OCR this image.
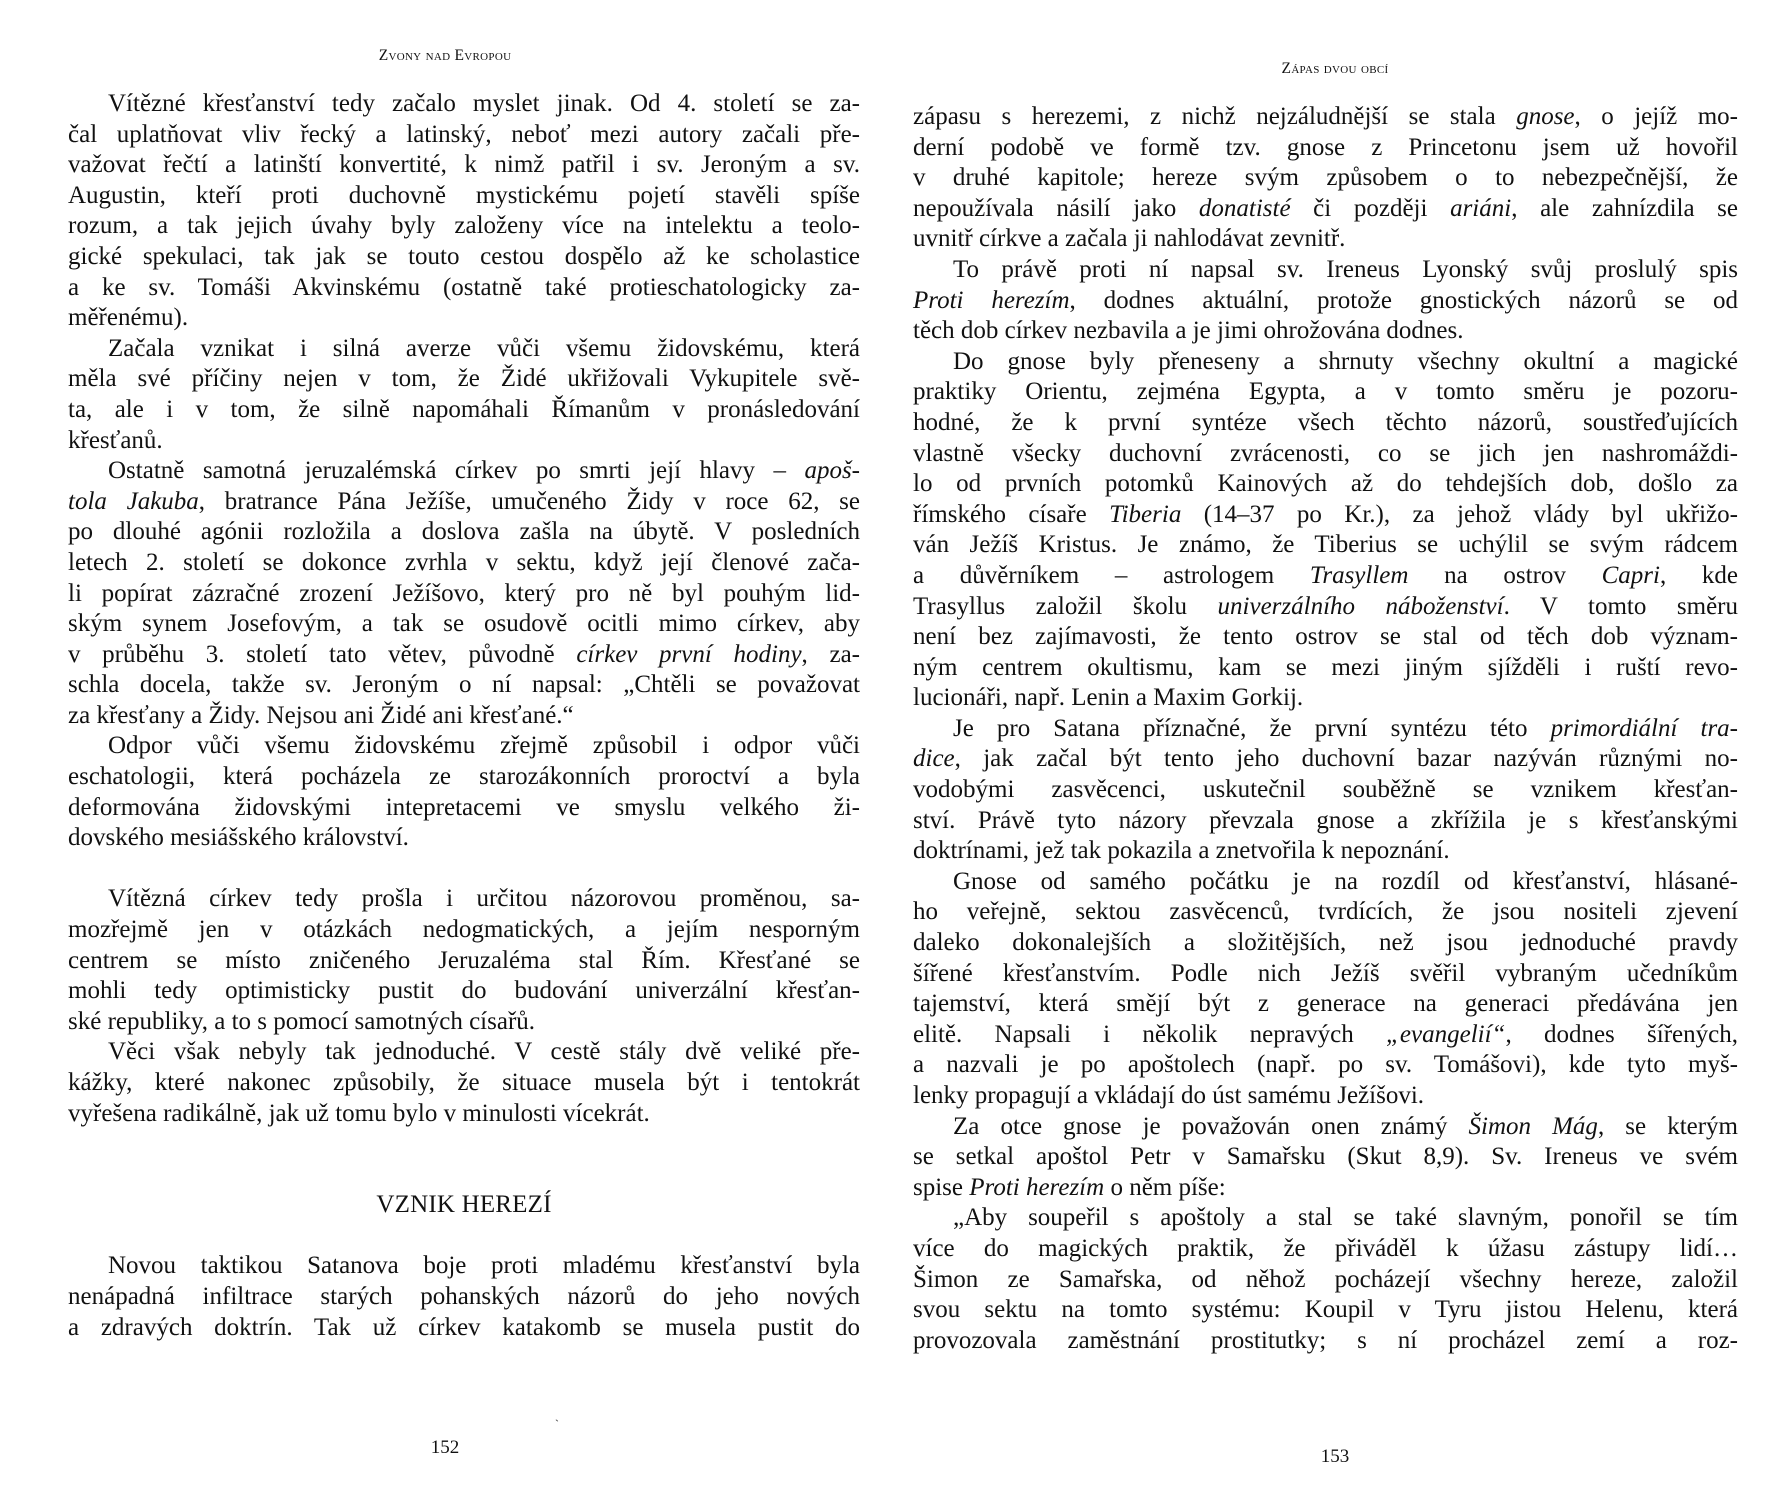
Zvony nad Evropou
Vítězné křesťanství tedy začalo myslet jinak. Od 4. století se za-
čal uplatňovat vliv řecký a latinský, neboť mezi autory začali pře-
važovat řečtí a latinští konvertité, k nimž patřil i sv. Jeroným a sv.
Augustin, kteří proti duchovně mystickému pojetí stavěli spíše
rozum, a tak jejich úvahy byly založeny více na intelektu a teolo-
gické spekulaci, tak jak se touto cestou dospělo až ke scholastice
a ke sv. Tomáši Akvinskému (ostatně také protieschatologicky za-
měřenému).
Začala vznikat i silná averze vůči všemu židovskému, která
měla své příčiny nejen v tom, že Židé ukřižovali Vykupitele svě-
ta, ale i v tom, že silně napomáhali Římanům v pronásledování
křesťanů.
Ostatně samotná jeruzalémská církev po smrti její hlavy – apoš-
tola Jakuba, bratrance Pána Ježíše, umučeného Židy v roce 62, se
po dlouhé agónii rozložila a doslova zašla na úbytě. V posledních
letech 2. století se dokonce zvrhla v sektu, když její členové zača-
li popírat zázračné zrození Ježíšovo, který pro ně byl pouhým lid-
ským synem Josefovým, a tak se osudově ocitli mimo církev, aby
v průběhu 3. století tato větev, původně církev první hodiny, za-
schla docela, takže sv. Jeroným o ní napsal: „Chtěli se považovat
za křesťany a Židy. Nejsou ani Židé ani křesťané.“
Odpor vůči všemu židovskému zřejmě způsobil i odpor vůči
eschatologii, která pocházela ze starozákonních proroctví a byla
deformována židovskými intepretacemi ve smyslu velkého ži-
dovského mesiášského království.
Vítězná církev tedy prošla i určitou názorovou proměnou, sa-
mozřejmě jen v otázkách nedogmatických, a jejím nesporným
centrem se místo zničeného Jeruzaléma stal Řím. Křesťané se
mohli tedy optimisticky pustit do budování univerzální křesťan-
ské republiky, a to s pomocí samotných císařů.
Věci však nebyly tak jednoduché. V cestě stály dvě veliké pře-
kážky, které nakonec způsobily, že situace musela být i tentokrát
vyřešena radikálně, jak už tomu bylo v minulosti vícekrát.
VZNIK HEREZÍ
Novou taktikou Satanova boje proti mladému křesťanství byla
nenápadná infiltrace starých pohanských názorů do jeho nových
a zdravých doktrín. Tak už církev katakomb se musela pustit do
ˏ
152
Zápas dvou obcí
zápasu s herezemi, z nichž nejzáludnější se stala gnose, o jejíž mo-
derní podobě ve formě tzv. gnose z Princetonu jsem už hovořil
v druhé kapitole; hereze svým způsobem o to nebezpečnější, že
nepoužívala násilí jako donatisté či později ariáni, ale zahnízdila se
uvnitř církve a začala ji nahlodávat zevnitř.
To právě proti ní napsal sv. Ireneus Lyonský svůj proslulý spis
Proti herezím, dodnes aktuální, protože gnostických názorů se od
těch dob církev nezbavila a je jimi ohrožována dodnes.
Do gnose byly přeneseny a shrnuty všechny okultní a magické
praktiky Orientu, zejména Egypta, a v tomto směru je pozoru-
hodné, že k první syntéze všech těchto názorů, soustřeďujících
vlastně všecky duchovní zvrácenosti, co se jich jen nashromáždi-
lo od prvních potomků Kainových až do tehdejších dob, došlo za
římského císaře Tiberia (14–37 po Kr.), za jehož vlády byl ukřižo-
ván Ježíš Kristus. Je známo, že Tiberius se uchýlil se svým rádcem
a důvěrníkem – astrologem Trasyllem na ostrov Capri, kde
Trasyllus založil školu univerzálního náboženství. V tomto směru
není bez zajímavosti, že tento ostrov se stal od těch dob význam-
ným centrem okultismu, kam se mezi jiným sjížděli i ruští revo-
lucionáři, např. Lenin a Maxim Gorkij.
Je pro Satana příznačné, že první syntézu této primordiální tra-
dice, jak začal být tento jeho duchovní bazar nazýván různými no-
vodobými zasvěcenci, uskutečnil souběžně se vznikem křesťan-
ství. Právě tyto názory převzala gnose a zkřížila je s křesťanskými
doktrínami, jež tak pokazila a znetvořila k nepoznání.
Gnose od samého počátku je na rozdíl od křesťanství, hlásané-
ho veřejně, sektou zasvěcenců, tvrdících, že jsou nositeli zjevení
daleko dokonalejších a složitějších, než jsou jednoduché pravdy
šířené křesťanstvím. Podle nich Ježíš svěřil vybraným učedníkům
tajemství, která smějí být z generace na generaci předávána jen
elitě. Napsali i několik nepravých „evangelií“, dodnes šířených,
a nazvali je po apoštolech (např. po sv. Tomášovi), kde tyto myš-
lenky propagují a vkládají do úst samému Ježíšovi.
Za otce gnose je považován onen známý Šimon Mág, se kterým
se setkal apoštol Petr v Samařsku (Skut 8,9). Sv. Ireneus ve svém
spise Proti herezím o něm píše:
„Aby soupeřil s apoštoly a stal se také slavným, ponořil se tím
více do magických praktik, že přiváděl k úžasu zástupy lidí…
Šimon ze Samařska, od něhož pocházejí všechny hereze, založil
svou sektu na tomto systému: Koupil v Tyru jistou Helenu, která
provozovala zaměstnání prostitutky; s ní procházel zemí a roz-
153
